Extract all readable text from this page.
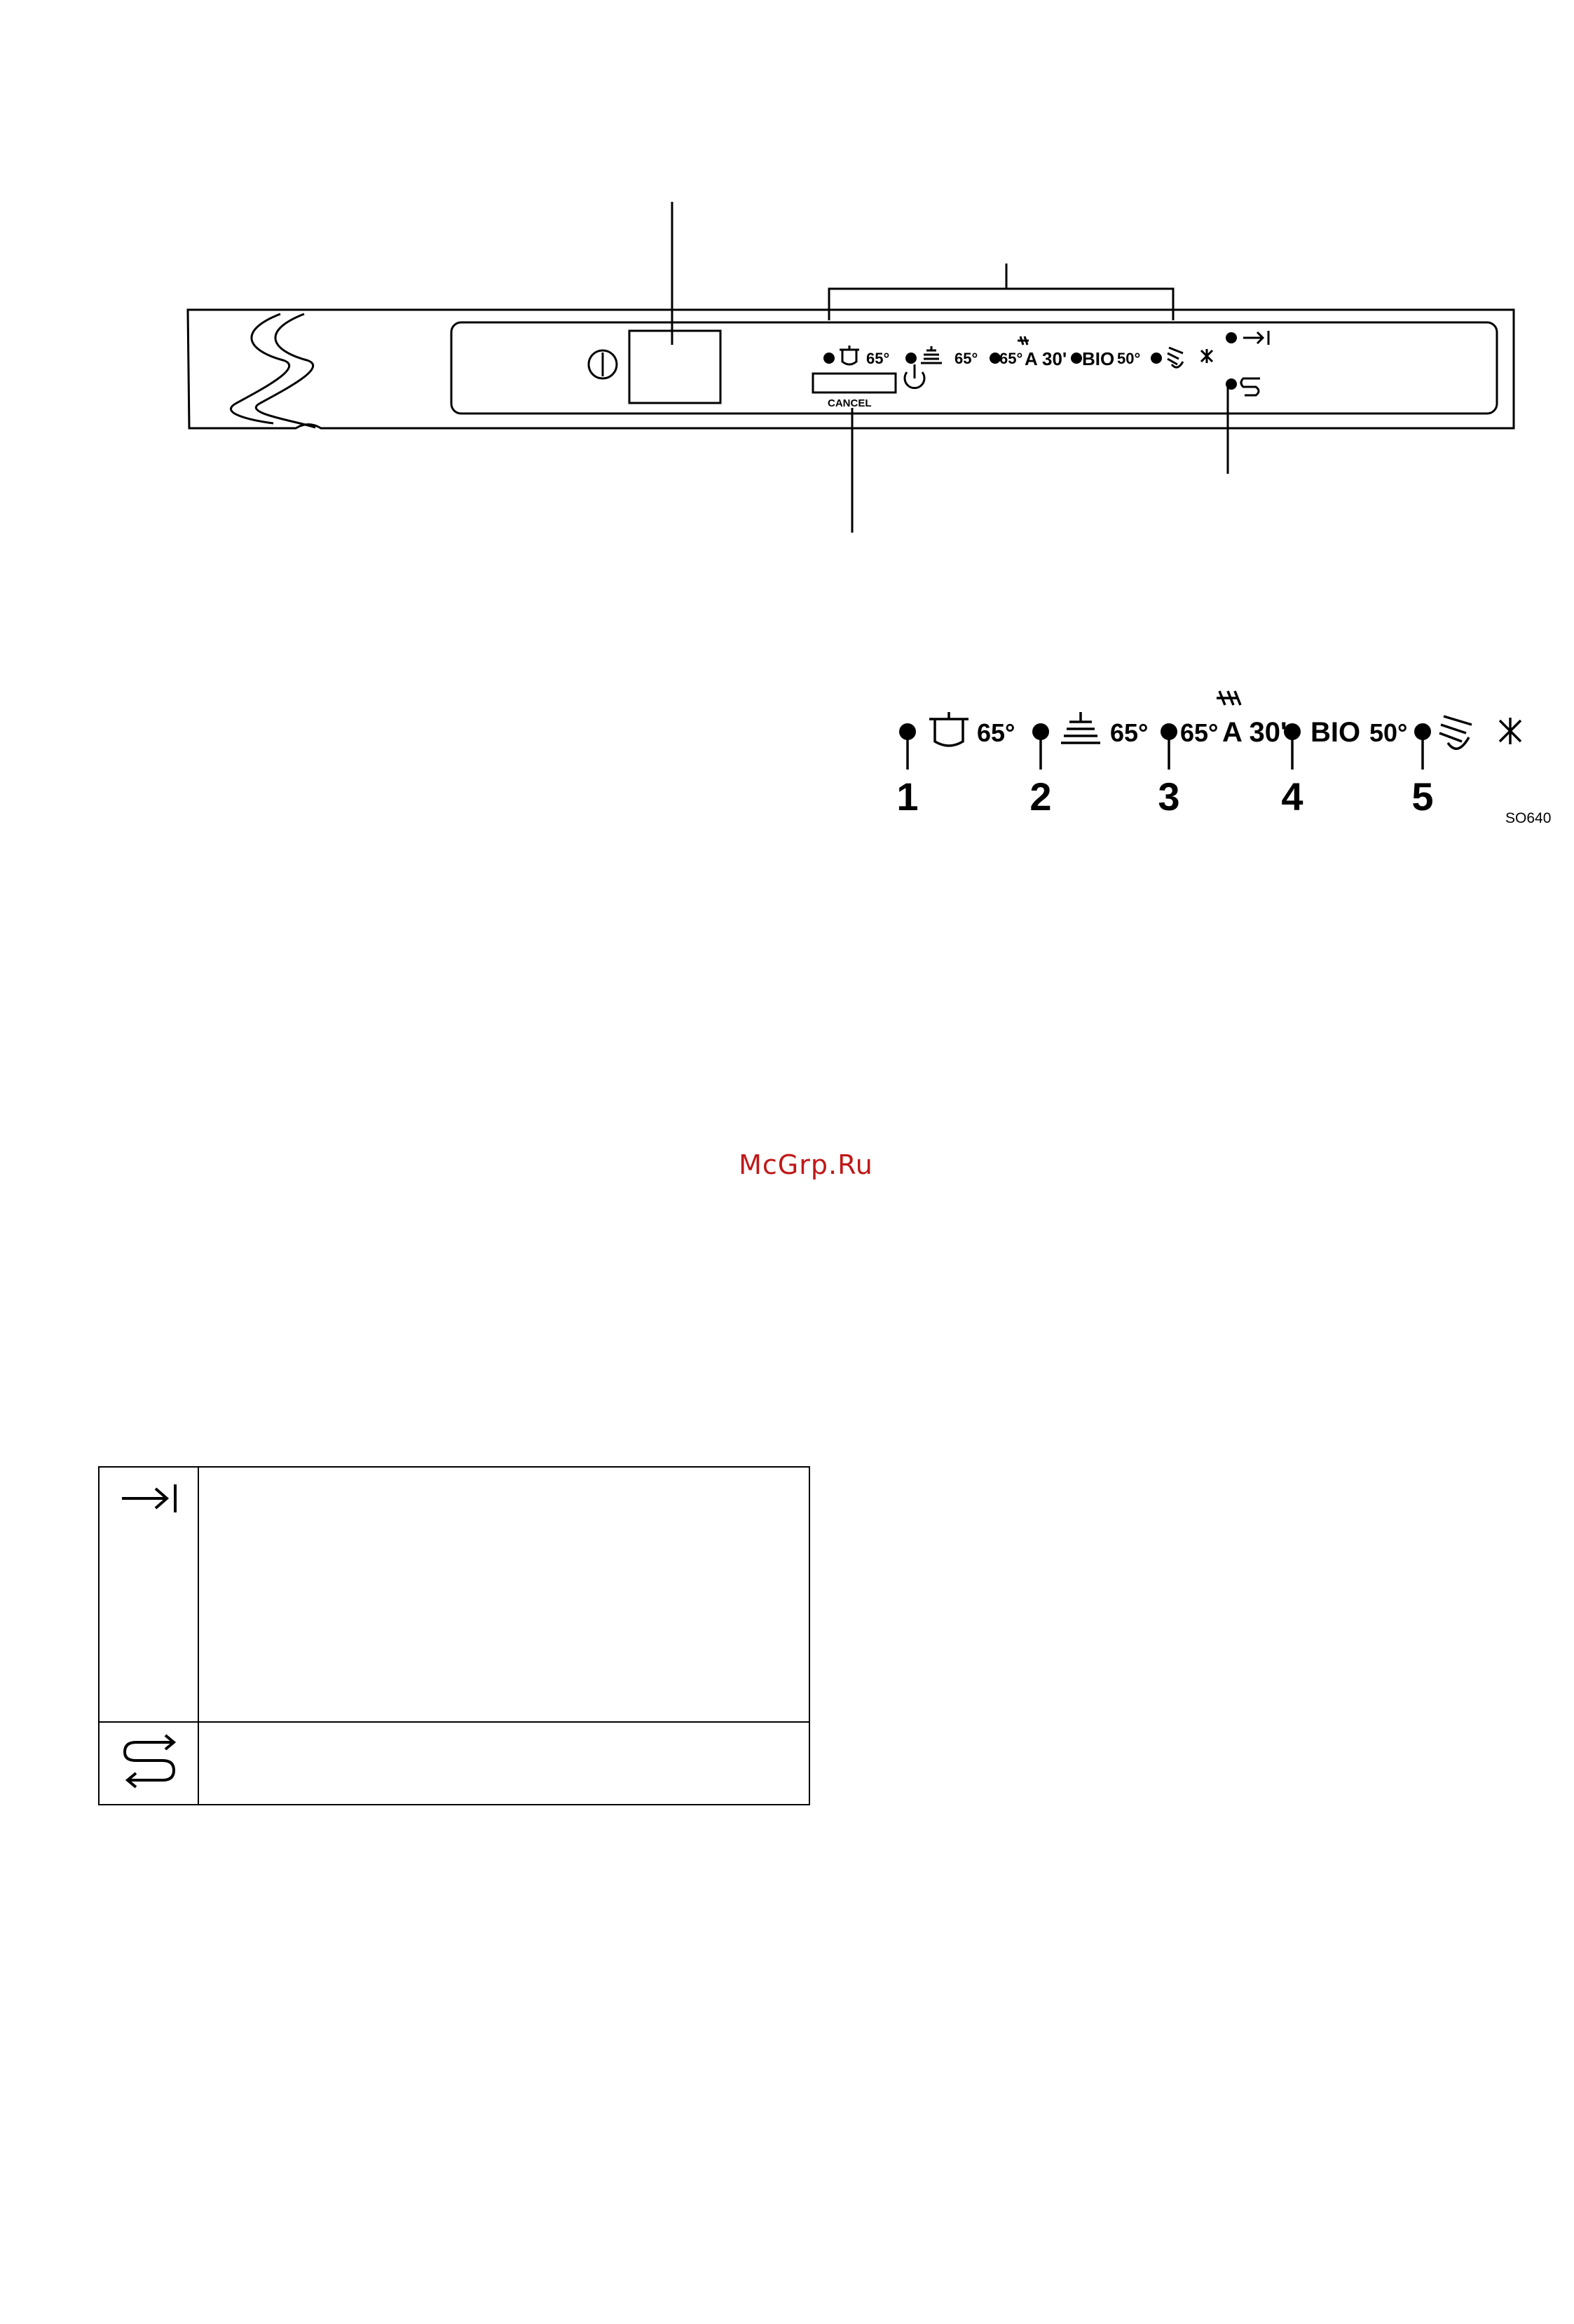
65°	65° 65° A 30' BIO 50°
CANCEL
65°	65° 65° A 30' BIO 50°
1	2	3	4	5	SO640
McGrp.Ru
